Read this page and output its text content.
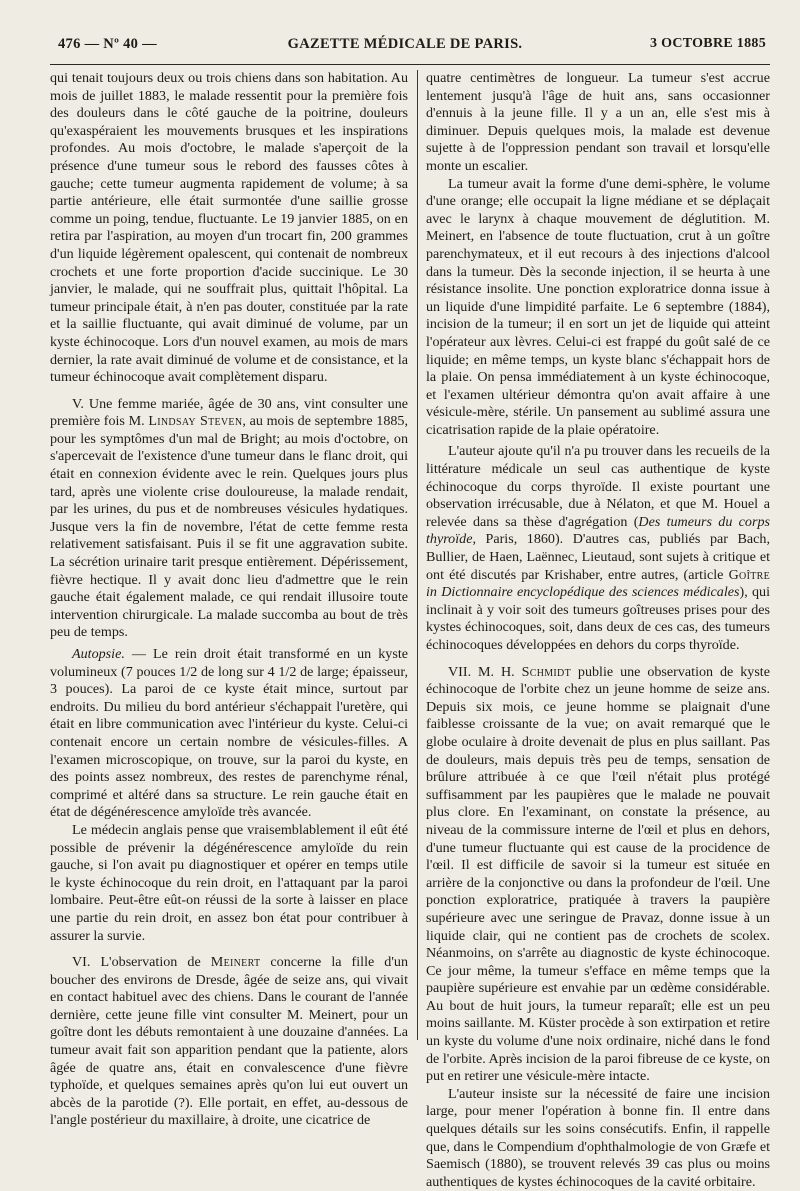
476 — Nº 40 —	GAZETTE MÉDICALE DE PARIS.	3 OCTOBRE 1885

qui tenait toujours deux ou trois chiens dans son habitation. Au mois de juillet 1883, le malade ressentit pour la première fois des douleurs dans le côté gauche de la poitrine, douleurs qu'exaspéraient les mouvements brusques et les inspirations profondes. Au mois d'octobre, le malade s'aperçoit de la présence d'une tumeur sous le rebord des fausses côtes à gauche; cette tumeur augmenta rapidement de volume; à sa partie antérieure, elle était surmontée d'une saillie grosse comme un poing, tendue, fluctuante. Le 19 janvier 1885, on en retira par l'aspiration, au moyen d'un trocart fin, 200 grammes d'un liquide légèrement opalescent, qui contenait de nombreux crochets et une forte proportion d'acide succinique. Le 30 janvier, le malade, qui ne souffrait plus, quittait l'hôpital. La tumeur principale était, à n'en pas douter, constituée par la rate et la saillie fluctuante, qui avait diminué de volume, par un kyste échinocoque. Lors d'un nouvel examen, au mois de mars dernier, la rate avait diminué de volume et de consistance, et la tumeur échinocoque avait complètement disparu.

V. Une femme mariée, âgée de 30 ans, vint consulter une première fois M. Lindsay Steven, au mois de septembre 1885, pour les symptômes d'un mal de Bright; au mois d'octobre, on s'apercevait de l'existence d'une tumeur dans le flanc droit, qui était en connexion évidente avec le rein. Quelques jours plus tard, après une violente crise douloureuse, la malade rendait, par les urines, du pus et de nombreuses vésicules hydatiques. Jusque vers la fin de novembre, l'état de cette femme resta relativement satisfaisant. Puis il se fit une aggravation subite. La sécrétion urinaire tarit presque entièrement. Dépérissement, fièvre hectique. Il y avait donc lieu d'admettre que le rein gauche était également malade, ce qui rendait illusoire toute intervention chirurgicale. La malade succomba au bout de très peu de temps.

Autopsie. — Le rein droit était transformé en un kyste volumineux (7 pouces 1/2 de long sur 4 1/2 de large; épaisseur, 3 pouces). La paroi de ce kyste était mince, surtout par endroits. Du milieu du bord antérieur s'échappait l'uretère, qui était en libre communication avec l'intérieur du kyste. Celui-ci contenait encore un certain nombre de vésicules-filles. A l'examen microscopique, on trouve, sur la paroi du kyste, en des points assez nombreux, des restes de parenchyme rénal, comprimé et altéré dans sa structure. Le rein gauche était en état de dégénérescence amyloïde très avancée.

Le médecin anglais pense que vraisemblablement il eût été possible de prévenir la dégénérescence amyloïde du rein gauche, si l'on avait pu diagnostiquer et opérer en temps utile le kyste échinocoque du rein droit, en l'attaquant par la paroi lombaire. Peut-être eût-on réussi de la sorte à laisser en place une partie du rein droit, en assez bon état pour contribuer à assurer la survie.

VI. L'observation de Meinert concerne la fille d'un boucher des environs de Dresde, âgée de seize ans, qui vivait en contact habituel avec des chiens. Dans le courant de l'année dernière, cette jeune fille vint consulter M. Meinert, pour un goître dont les débuts remontaient à une douzaine d'années. La tumeur avait fait son apparition pendant que la patiente, alors âgée de quatre ans, était en convalescence d'une fièvre typhoïde, et quelques semaines après qu'on lui eut ouvert un abcès de la parotide (?). Elle portait, en effet, au-dessous de l'angle postérieur du maxillaire, à droite, une cicatrice de

quatre centimètres de longueur. La tumeur s'est accrue lentement jusqu'à l'âge de huit ans, sans occasionner d'ennuis à la jeune fille. Il y a un an, elle s'est mis à diminuer. Depuis quelques mois, la malade est devenue sujette à de l'oppression pendant son travail et lorsqu'elle monte un escalier.

La tumeur avait la forme d'une demi-sphère, le volume d'une orange; elle occupait la ligne médiane et se déplaçait avec le larynx à chaque mouvement de déglutition. M. Meinert, en l'absence de toute fluctuation, crut à un goître parenchymateux, et il eut recours à des injections d'alcool dans la tumeur. Dès la seconde injection, il se heurta à une résistance insolite. Une ponction exploratrice donna issue à un liquide d'une limpidité parfaite. Le 6 septembre (1884), incision de la tumeur; il en sort un jet de liquide qui atteint l'opérateur aux lèvres. Celui-ci est frappé du goût salé de ce liquide; en même temps, un kyste blanc s'échappait hors de la plaie. On pensa immédiatement à un kyste échinocoque, et l'examen ultérieur démontra qu'on avait affaire à une vésicule-mère, stérile. Un pansement au sublimé assura une cicatrisation rapide de la plaie opératoire.

L'auteur ajoute qu'il n'a pu trouver dans les recueils de la littérature médicale un seul cas authentique de kyste échinocoque du corps thyroïde. Il existe pourtant une observation irrécusable, due à Nélaton, et que M. Houel a relevée dans sa thèse d'agrégation (Des tumeurs du corps thyroïde, Paris, 1860). D'autres cas, publiés par Bach, Bullier, de Haen, Laënnec, Lieutaud, sont sujets à critique et ont été discutés par Krishaber, entre autres, (article Goître in Dictionnaire encyclopédique des sciences médicales), qui inclinait à y voir soit des tumeurs goîtreuses prises pour des kystes échinocoques, soit, dans deux de ces cas, des tumeurs échinocoques développées en dehors du corps thyroïde.

VII. M. H. Schmidt publie une observation de kyste échinocoque de l'orbite chez un jeune homme de seize ans. Depuis six mois, ce jeune homme se plaignait d'une faiblesse croissante de la vue; on avait remarqué que le globe oculaire à droite devenait de plus en plus saillant. Pas de douleurs, mais depuis très peu de temps, sensation de brûlure attribuée à ce que l'œil n'était plus protégé suffisamment par les paupières que le malade ne pouvait plus clore. En l'examinant, on constate la présence, au niveau de la commissure interne de l'œil et plus en dehors, d'une tumeur fluctuante qui est cause de la procidence de l'œil. Il est difficile de savoir si la tumeur est située en arrière de la conjonctive ou dans la profondeur de l'œil. Une ponction exploratrice, pratiquée à travers la paupière supérieure avec une seringue de Pravaz, donne issue à un liquide clair, qui ne contient pas de crochets de scolex. Néanmoins, on s'arrête au diagnostic de kyste échinocoque. Ce jour même, la tumeur s'efface en même temps que la paupière supérieure est envahie par un œdème considérable. Au bout de huit jours, la tumeur reparaît; elle est un peu moins saillante. M. Küster procède à son extirpation et retire un kyste du volume d'une noix ordinaire, niché dans le fond de l'orbite. Après incision de la paroi fibreuse de ce kyste, on put en retirer une vésicule-mère intacte.

L'auteur insiste sur la nécessité de faire une incision large, pour mener l'opération à bonne fin. Il entre dans quelques détails sur les soins consécutifs. Enfin, il rappelle que, dans le Compendium d'ophthalmologie de von Græfe et Saemisch (1880), se trouvent relevés 39 cas plus ou moins authentiques de kystes échinocoques de la cavité orbitaire.
